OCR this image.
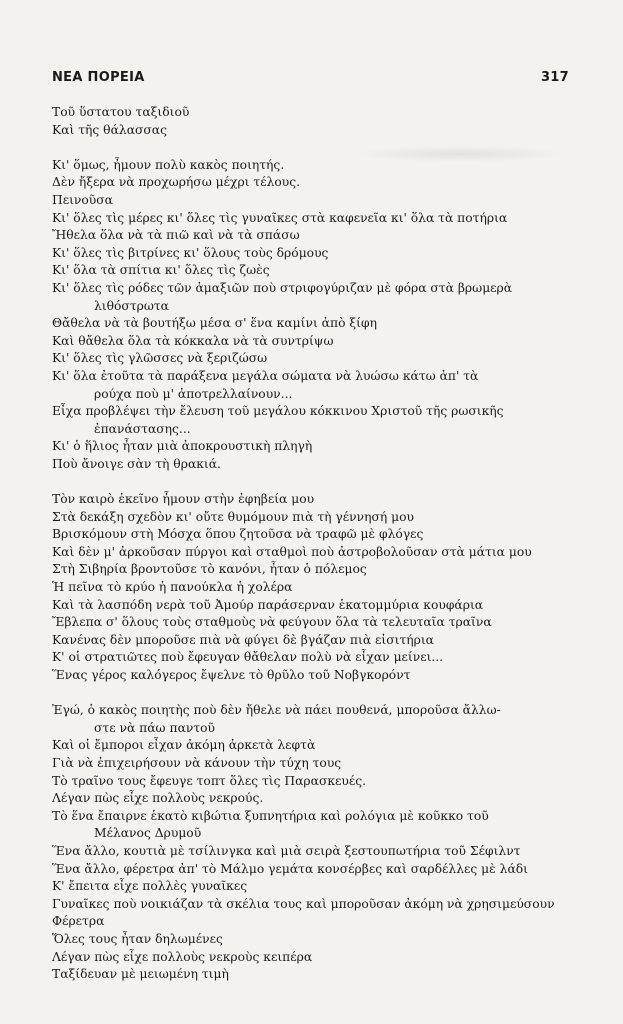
ΝΕΑ ΠΟΡΕΙΑ	317
Τοῦ ὕστατου ταξιδιοῦ
Καὶ τῆς θάλασσας
Κι' ὅμως, ἦμουν πολὺ κακὸς ποιητής.
Δὲν ἤξερα νὰ προχωρήσω μέχρι τέλους.
Πεινοῦσα
Κι' ὅλες τὶς μέρες κι' ὅλες τὶς γυναῖκες στὰ καφενεῖα κι' ὅλα τὰ ποτήρια
Ἤθελα ὅλα νὰ τὰ πιῶ καὶ νὰ τὰ σπάσω
Κι' ὅλες τὶς βιτρίνες κι' ὅλους τοὺς δρόμους
Κι' ὅλα τὰ σπίτια κι' ὅλες τὶς ζωὲς
Κι' ὅλες τὶς ρόδες τῶν ἁμαξιῶν ποὺ στριφογύριζαν μὲ φόρα στὰ βρωμερὰ
λιθόστρωτα
Θἄθελα νὰ τὰ βουτήξω μέσα σ' ἕνα καμίνι ἀπὸ ξίφη
Καὶ θἄθελα ὅλα τὰ κόκκαλα νὰ τὰ συντρίψω
Κι' ὅλες τὶς γλῶσσες νὰ ξεριζώσω
Κι' ὅλα ἐτοῦτα τὰ παράξενα μεγάλα σώματα νὰ λυώσω κάτω ἀπ' τὰ
ρούχα ποὺ μ' ἀποτρελλαίνουν...
Εἶχα προβλέψει τὴν ἔλευση τοῦ μεγάλου κόκκινου Χριστοῦ τῆς ρωσικῆς
ἐπανάστασης...
Κι' ὁ ἥλιος ἦταν μιὰ ἀποκρουστικὴ πληγὴ
Ποὺ ἄνοιγε σὰν τὴ θρακιά.
Τὸν καιρὸ ἐκεῖνο ἦμουν στὴν ἐφηβεία μου
Στὰ δεκάξη σχεδὸν κι' οὔτε θυμόμουν πιὰ τὴ γέννησή μου
Βρισκόμουν στὴ Μόσχα ὅπου ζητοῦσα νὰ τραφῶ μὲ φλόγες
Καὶ δὲν μ' ἀρκοῦσαν πύργοι καὶ σταθμοὶ ποὺ ἀστροβολοῦσαν στὰ μάτια μου
Στὴ Σιβηρία βροντοῦσε τὸ κανόνι, ἦταν ὁ πόλεμος
Ἡ πεῖνα τὸ κρύο ἡ πανούκλα ἡ χολέρα
Καὶ τὰ λασπόδη νερὰ τοῦ Ἀμούρ παράσερναν ἑκατομμύρια κουφάρια
Ἔβλεπα σ' ὅλους τοὺς σταθμοὺς νὰ φεύγουν ὅλα τὰ τελευταῖα τραῖνα
Κανένας δὲν μποροῦσε πιὰ νὰ φύγει δὲ βγάζαν πιὰ εἰσιτήρια
Κ' οἱ στρατιῶτες ποὺ ἔφευγαν θἄθελαν πολὺ νὰ εἶχαν μείνει...
Ἕνας γέρος καλόγερος ἔψελνε τὸ θρῦλο τοῦ Νοβγκορόντ
Ἐγώ, ὁ κακὸς ποιητὴς ποὺ δὲν ἤθελε νὰ πάει πουθενά, μποροῦσα ἄλλω-
στε νὰ πάω παντοῦ
Καὶ οἱ ἔμποροι εἶχαν ἀκόμη ἀρκετὰ λεφτὰ
Γιὰ νὰ ἐπιχειρήσουν νὰ κάνουν τὴν τύχη τους
Τὸ τραῖνο τους ἔφευγε τοπτ ὅλες τὶς Παρασκευές.
Λέγαν πὼς εἶχε πολλοὺς νεκρούς.
Τὸ ἕνα ἔπαιρνε ἑκατὸ κιβώτια ξυπνητήρια καὶ ρολόγια μὲ κοῦκκο τοῦ
Μέλανος Δρυμοῦ
Ἕνα ἄλλο, κουτιὰ μὲ τσίλινγκα καὶ μιὰ σειρὰ ξεστουπωτήρια τοῦ Σέφιλντ
Ἕνα ἄλλο, φέρετρα ἀπ' τὸ Μάλμο γεμάτα κονσέρβες καὶ σαρδέλλες μὲ λάδι
Κ' ἔπειτα εἶχε πολλὲς γυναῖκες
Γυναῖκες ποὺ νοικιάζαν τὰ σκέλια τους καὶ μποροῦσαν ἀκόμη νὰ χρησιμεύσουν
Φέρετρα
Ὅλες τους ἦταν δηλωμένες
Λέγαν πὼς εἶχε πολλοὺς νεκροὺς κειπέρα
Ταξίδευαν μὲ μειωμένη τιμὴ
